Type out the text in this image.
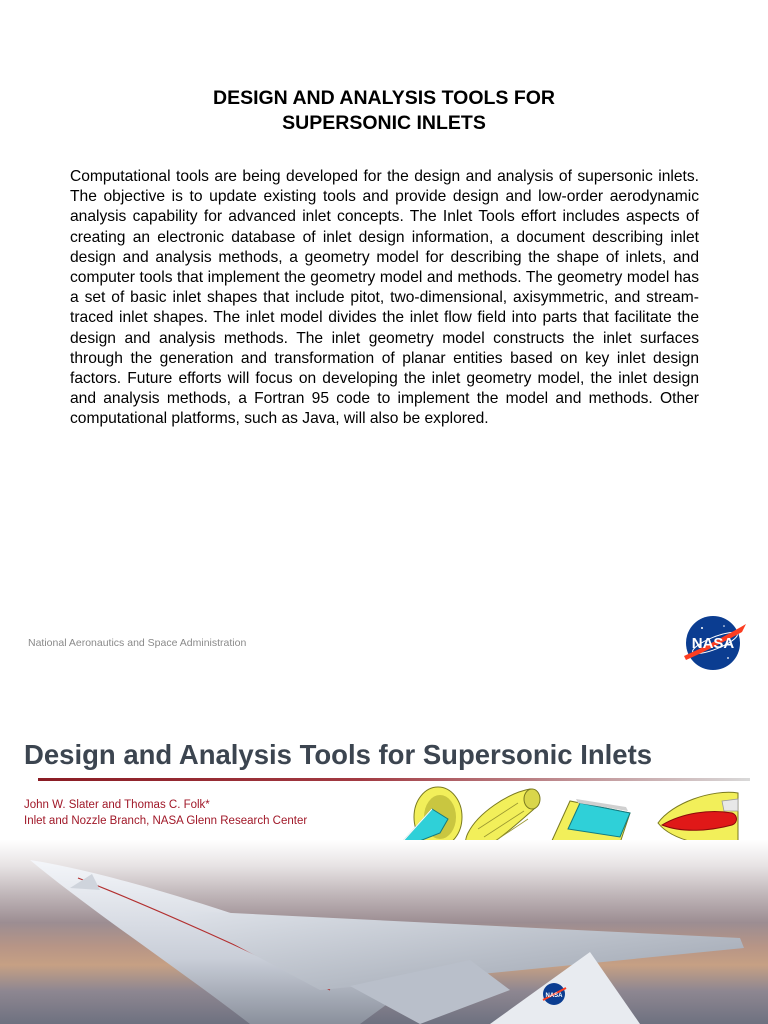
DESIGN AND ANALYSIS TOOLS FOR
SUPERSONIC INLETS

Computational tools are being developed for the design and analysis of supersonic inlets. The objective is to update existing tools and provide design and low-order aerodynamic analysis capability for advanced inlet concepts. The Inlet Tools effort includes aspects of creating an electronic database of inlet design information, a document describing inlet design and analysis methods, a geometry model for describing the shape of inlets, and computer tools that implement the geometry model and methods. The geometry model has a set of basic inlet shapes that include pitot, two-dimensional, axisymmetric, and stream-traced inlet shapes. The inlet model divides the inlet flow field into parts that facilitate the design and analysis methods. The inlet geometry model constructs the inlet surfaces through the generation and transformation of planar entities based on key inlet design factors. Future efforts will focus on developing the inlet geometry model, the inlet design and analysis methods, a Fortran 95 code to implement the model and methods. Other computational platforms, such as Java, will also be explored.

National Aeronautics and Space Administration	NASA
Design and Analysis Tools for Supersonic Inlets
John W. Slater and Thomas C. Folk*
Inlet and Nozzle Branch, NASA Glenn Research Center
NASA
